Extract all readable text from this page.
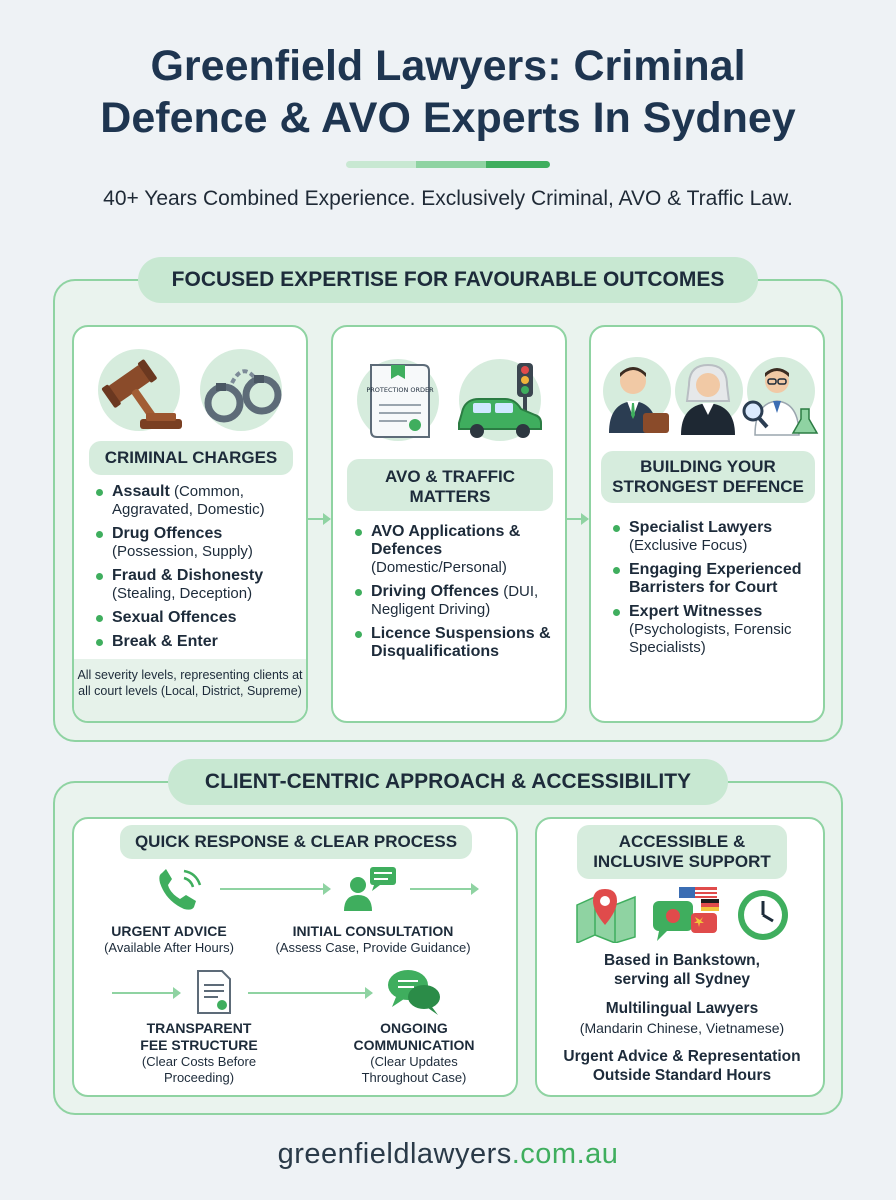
Greenfield Lawyers: Criminal
Defence & AVO Experts In Sydney
40+ Years Combined Experience. Exclusively Criminal, AVO & Traffic Law.
FOCUSED EXPERTISE FOR FAVOURABLE OUTCOMES
CRIMINAL CHARGES
Assault (Common, Aggravated, Domestic)
Drug Offences (Possession, Supply)
Fraud & Dishonesty (Stealing, Deception)
Sexual Offences
Break & Enter
All severity levels, representing clients at all court levels (Local, District, Supreme)
PROTECTION ORDER
AVO & TRAFFIC MATTERS
AVO Applications & Defences (Domestic/Personal)
Driving Offences (DUI, Negligent Driving)
Licence Suspensions & Disqualifications
BUILDING YOUR STRONGEST DEFENCE
Specialist Lawyers (Exclusive Focus)
Engaging Experienced Barristers for Court
Expert Witnesses (Psychologists, Forensic Specialists)
CLIENT-CENTRIC APPROACH & ACCESSIBILITY
QUICK RESPONSE & CLEAR PROCESS
URGENT ADVICE
(Available After Hours)
INITIAL CONSULTATION
(Assess Case, Provide Guidance)
TRANSPARENT FEE STRUCTURE
(Clear Costs Before Proceeding)
ONGOING COMMUNICATION
(Clear Updates Throughout Case)
ACCESSIBLE & INCLUSIVE SUPPORT
Based in Bankstown, serving all Sydney
Multilingual Lawyers
(Mandarin Chinese, Vietnamese)
Urgent Advice & Representation Outside Standard Hours
greenfieldlawyers.com.au
